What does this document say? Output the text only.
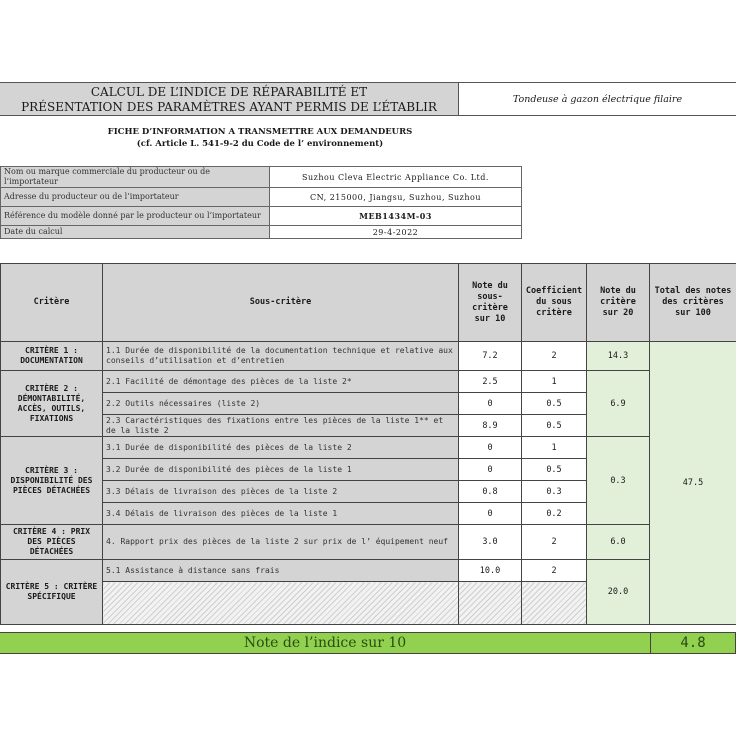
CALCUL DE L’INDICE DE RÉPARABILITÉ ET
PRÉSENTATION DES PARAMÈTRES AYANT PERMIS DE L’ÉTABLIR
Tondeuse à gazon électrique filaire
FICHE D’INFORMATION A TRANSMETTRE AUX DEMANDEURS
(cf. Article L. 541-9-2 du Code de l’ environnement)
Nom ou marque commerciale du producteur ou de l’importateur	Suzhou Cleva Electric Appliance Co. Ltd.
Adresse du producteur ou de l’importateur	CN, 215000, Jiangsu, Suzhou, Suzhou
Référence du modèle donné par le producteur ou l’importateur	MEB1434M-03
Date du calcul	29-4-2022
Critère	Sous-critère	Note du sous-critère sur 10	Coefficient du sous critère	Note du critère sur 20	Total des notes des critères sur 100
CRITÈRE 1 : DOCUMENTATION	1.1 Durée de disponibilité de la documentation technique et relative aux conseils d’utilisation et d’entretien	7.2	2	14.3	47.5
CRITÈRE 2 : DÉMONTABILITÉ, ACCÈS, OUTILS, FIXATIONS	2.1 Facilité de démontage des pièces de la liste 2*	2.5	1	6.9	
	2.2 Outils nécessaires (liste 2)	0	0.5		
	2.3 Caractéristiques des fixations entre les pièces de la liste 1** et de la liste 2	8.9	0.5		
CRITÈRE 3 : DISPONIBILITÉ DES PIÈCES DÉTACHÉES	3.1 Durée de disponibilité des pièces de la liste 2	0	1	0.3	
	3.2 Durée de disponibilité des pièces de la liste 1	0	0.5		
	3.3 Délais de livraison des pièces de la liste 2	0.8	0.3		
	3.4 Délais de livraison des pièces de la liste 1	0	0.2		
CRITÈRE 4 : PRIX DES PIÈCES DÉTACHÉES	4. Rapport prix des pièces de la liste 2 sur prix de l’ équipement neuf	3.0	2	6.0	
CRITÈRE 5 : CRITÈRE SPÉCIFIQUE	5.1 Assistance à distance sans frais	10.0	2	20.0	

Note de l’indice sur 10	4.8
